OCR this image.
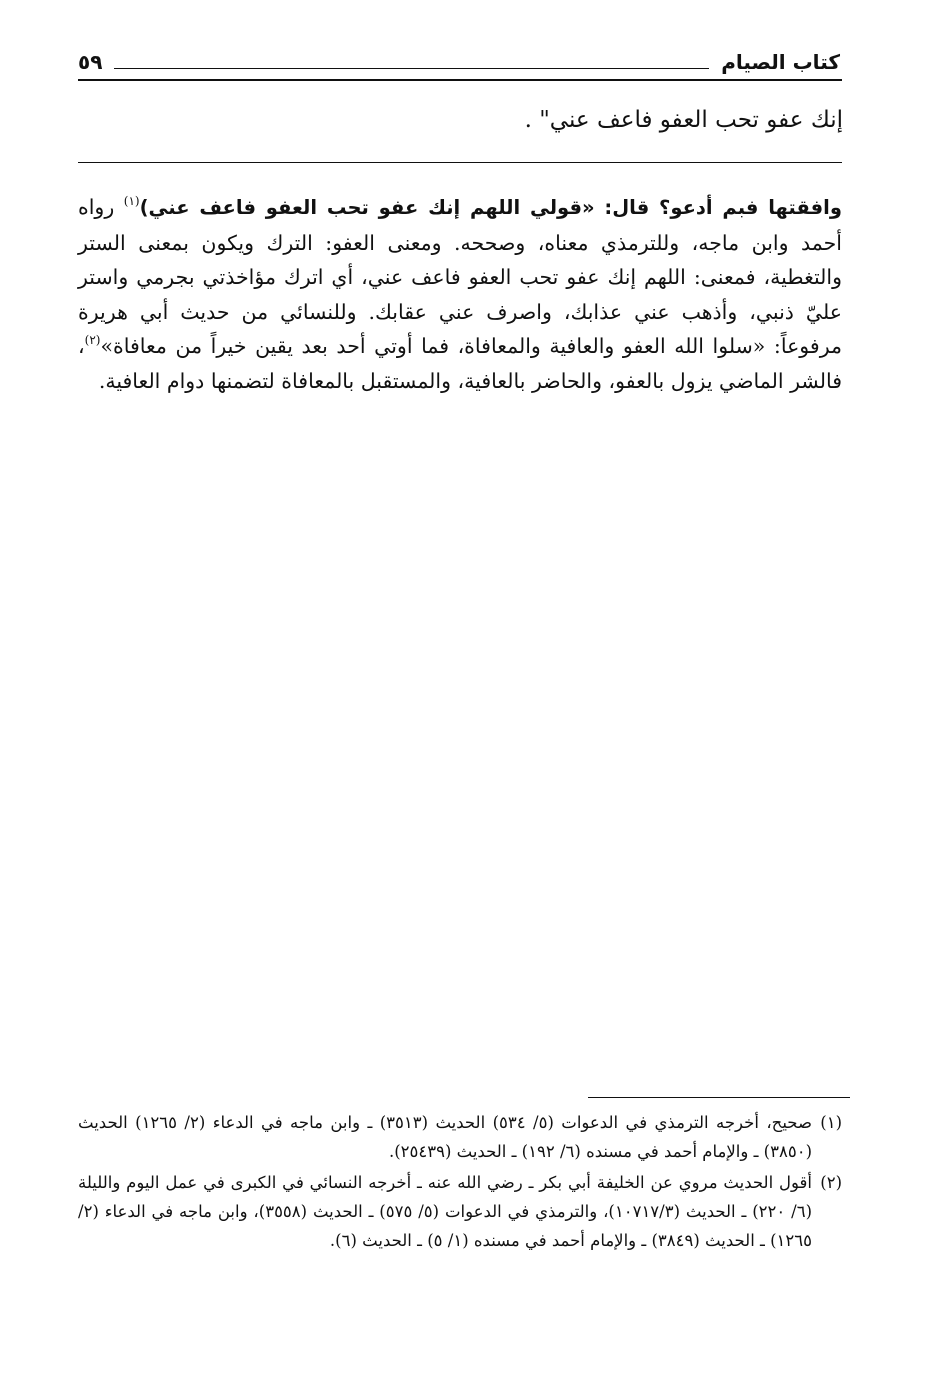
كتاب الصيام
٥٩
إنك عفو تحب العفو فاعف عني" .
وافقتها فبم أدعو؟ قال: «قولي اللهم إنك عفو تحب العفو فاعف عني)$^{(١)}$ رواه أحمد وابن ماجه، وللترمذي معناه، وصححه. ومعنى العفو: الترك ويكون بمعنى الستر والتغطية، فمعنى: اللهم إنك عفو تحب العفو فاعف عني، أي اترك مؤاخذتي بجرمي واستر عليّ ذنبي، وأذهب عني عذابك، واصرف عني عقابك. وللنسائي من حديث أبي هريرة مرفوعاً: «سلوا الله العفو والعافية والمعافاة، فما أوتي أحد بعد يقين خيراً من معافاة»$^{(٢)}$، فالشر الماضي يزول بالعفو، والحاضر بالعافية، والمستقبل بالمعافاة لتضمنها دوام العافية.
(١)
صحيح، أخرجه الترمذي في الدعوات (٥/ ٥٣٤) الحديث (٣٥١٣) ـ وابن ماجه في الدعاء (٢/ ١٢٦٥) الحديث (٣٨٥٠) ـ والإمام أحمد في مسنده (٦/ ١٩٢) ـ الحديث (٢٥٤٣٩).
(٢)
أقول الحديث مروي عن الخليفة أبي بكر ـ رضي الله عنه ـ أخرجه النسائي في الكبرى في عمل اليوم والليلة (٦/ ٢٢٠) ـ الحديث (١٠٧١٧/٣)، والترمذي في الدعوات (٥/ ٥٧٥) ـ الحديث (٣٥٥٨)، وابن ماجه في الدعاء (٢/ ١٢٦٥) ـ الحديث (٣٨٤٩) ـ والإمام أحمد في مسنده (١/ ٥) ـ الحديث (٦).
